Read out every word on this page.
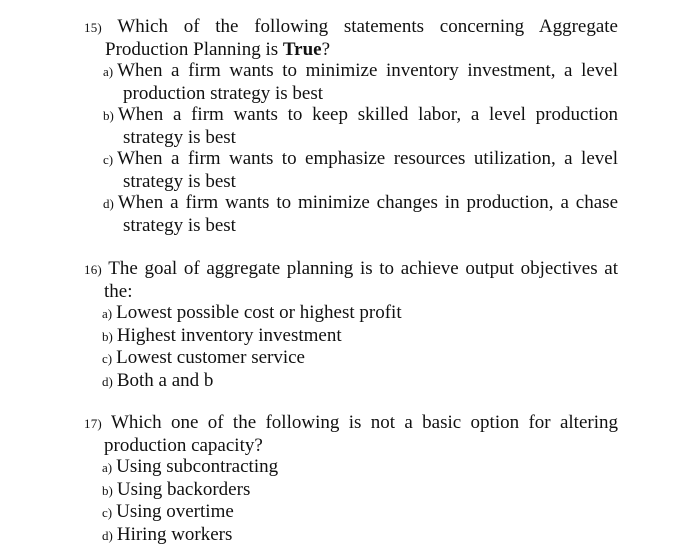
15) Which of the following statements concerning Aggregate Production Planning is True?

a) When a firm wants to minimize inventory investment, a level production strategy is best

b) When a firm wants to keep skilled labor, a level production strategy is best

c) When a firm wants to emphasize resources utilization, a level strategy is best

d) When a firm wants to minimize changes in production, a chase strategy is best

16) The goal of aggregate planning is to achieve output objectives at the:

a) Lowest possible cost or highest profit

b) Highest inventory investment

c) Lowest customer service

d) Both a and b

17) Which one of the following is not a basic option for altering production capacity?

a) Using subcontracting

b) Using backorders

c) Using overtime

d) Hiring workers
